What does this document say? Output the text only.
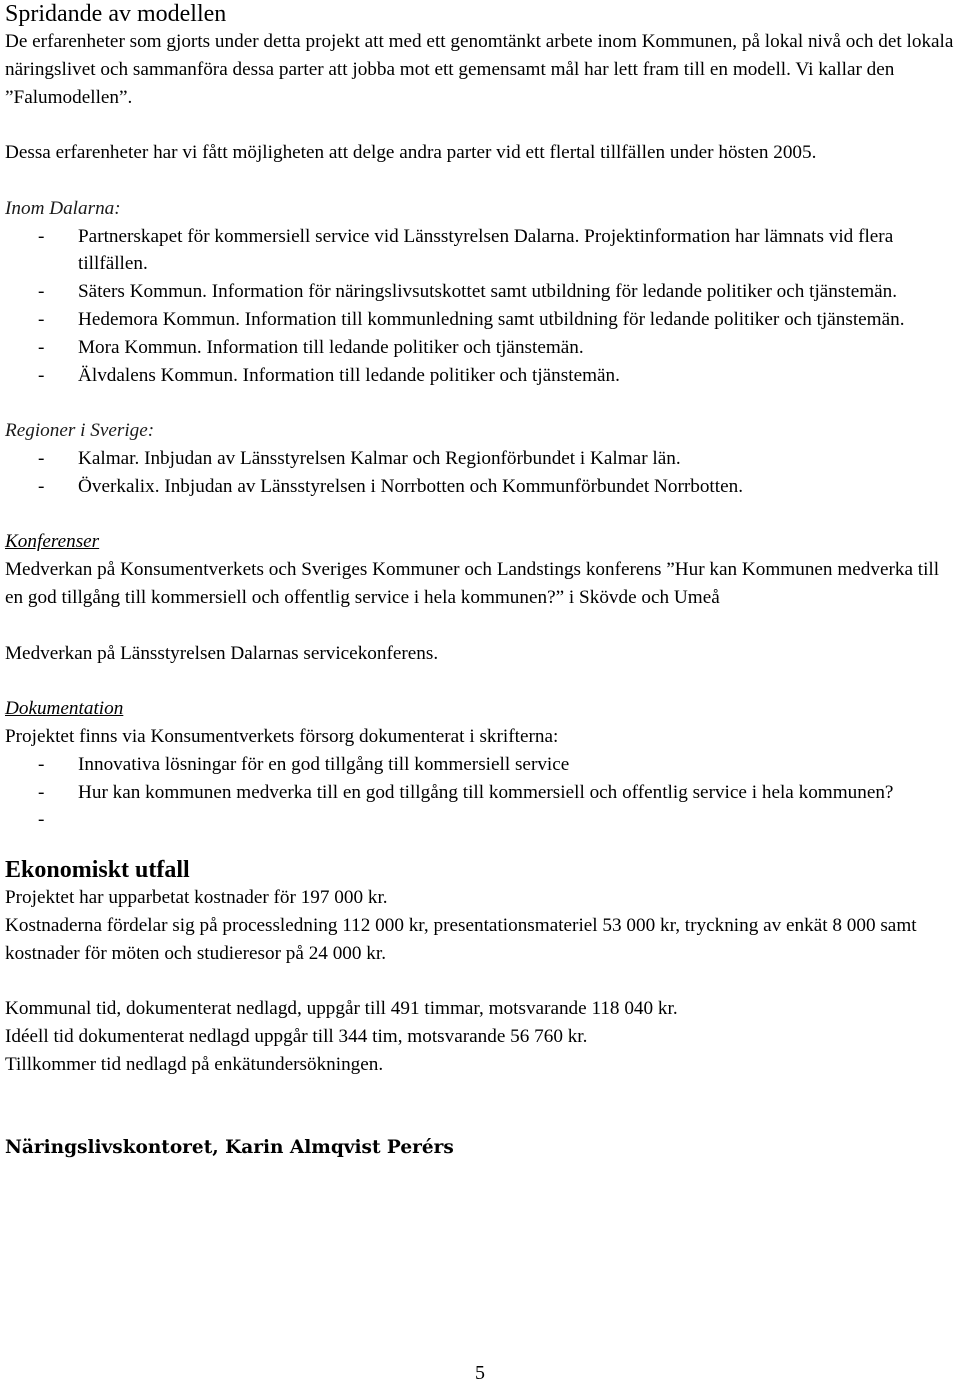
Spridande av modellen

De erfarenheter som gjorts under detta projekt att med ett genomtänkt arbete inom Kommunen, på lokal nivå och det lokala näringslivet och sammanföra dessa parter att jobba mot ett gemensamt mål har lett fram till en modell. Vi kallar den ”Falumodellen”.

Dessa erfarenheter har vi fått möjligheten att delge andra parter vid ett flertal tillfällen under hösten 2005.

Inom Dalarna:

- Partnerskapet för kommersiell service vid Länsstyrelsen Dalarna. Projektinformation har lämnats vid flera tillfällen.
- Säters Kommun. Information för näringslivsutskottet samt utbildning för ledande politiker och tjänstemän.
- Hedemora Kommun. Information till kommunledning samt utbildning för ledande politiker och tjänstemän.
- Mora Kommun. Information till ledande politiker och tjänstemän.
- Älvdalens Kommun. Information till ledande politiker och tjänstemän.

Regioner i Sverige:

- Kalmar. Inbjudan av Länsstyrelsen Kalmar och Regionförbundet i Kalmar län.
- Överkalix. Inbjudan av Länsstyrelsen i Norrbotten och Kommunförbundet Norrbotten.

Konferenser

Medverkan på Konsumentverkets och Sveriges Kommuner och Landstings konferens ”Hur kan Kommunen medverka till en god tillgång till kommersiell och offentlig service i hela kommunen?” i Skövde och Umeå

Medverkan på Länsstyrelsen Dalarnas servicekonferens.

Dokumentation

Projektet finns via Konsumentverkets försorg dokumenterat i skrifterna:

- Innovativa lösningar för en god tillgång till kommersiell service
- Hur kan kommunen medverka till en god tillgång till kommersiell och offentlig service i hela kommunen?
-
Ekonomiskt utfall

Projektet har upparbetat kostnader för 197 000 kr.

Kostnaderna fördelar sig på processledning 112 000 kr, presentationsmateriel 53 000 kr, tryckning av enkät 8 000 samt kostnader för möten och studieresor på 24 000 kr.

Kommunal tid, dokumenterat nedlagd, uppgår till 491 timmar, motsvarande 118 040 kr.

Idéell tid dokumenterat nedlagd uppgår till 344 tim, motsvarande 56 760 kr.

Tillkommer tid nedlagd på enkätundersökningen.

Näringslivskontoret, Karin Almqvist Perérs

5
